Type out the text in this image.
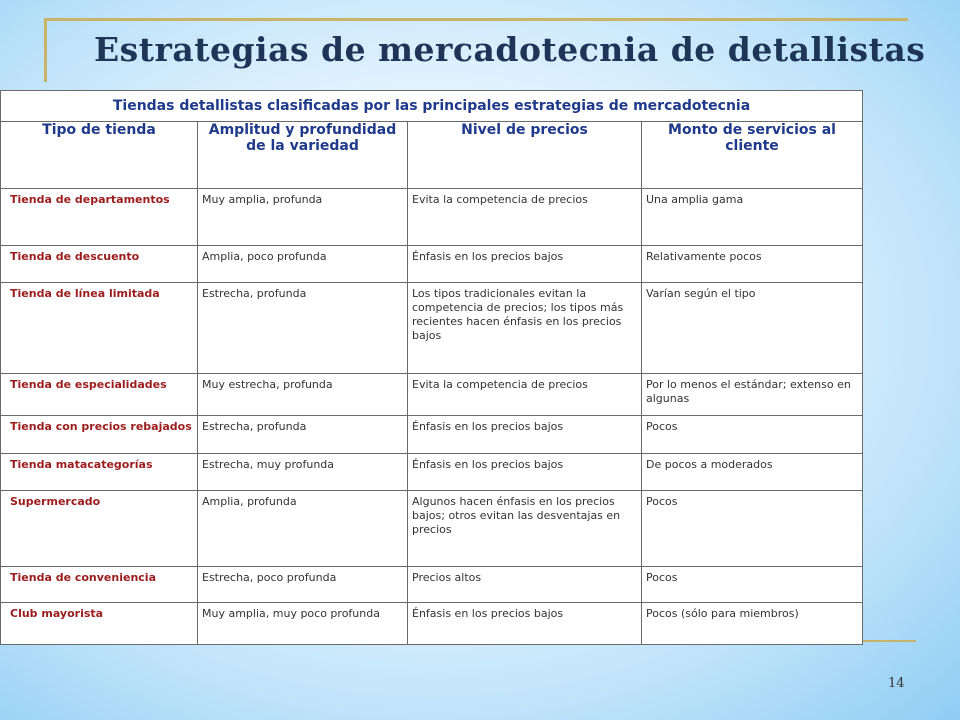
Estrategias de mercadotecnia de detallistas
Tiendas detallistas clasificadas por las principales estrategias de mercadotecnia			
Tipo de tienda	Amplitud y profundidad de la variedad	Nivel de precios	Monto de servicios al cliente
Tienda de departamentos	Muy amplia, profunda	Evita la competencia de precios	Una amplia gama
Tienda de descuento	Amplia, poco profunda	Énfasis en los precios bajos	Relativamente pocos
Tienda de línea limitada	Estrecha, profunda	Los tipos tradicionales evitan la competencia de precios; los tipos más recientes hacen énfasis en los precios bajos	Varían según el tipo
Tienda de especialidades	Muy estrecha, profunda	Evita la competencia de precios	Por lo menos el estándar; extenso en algunas
Tienda con precios rebajados	Estrecha, profunda	Énfasis en los precios bajos	Pocos
Tienda matacategorías	Estrecha, muy profunda	Énfasis en los precios bajos	De pocos a moderados
Supermercado	Amplia, profunda	Algunos hacen énfasis en los precios bajos; otros evitan las desventajas en precios	Pocos
Tienda de conveniencia	Estrecha, poco profunda	Precios altos	Pocos
Club mayorista	Muy amplia, muy poco profunda	Énfasis en los precios bajos	Pocos (sólo para miembros)
14
